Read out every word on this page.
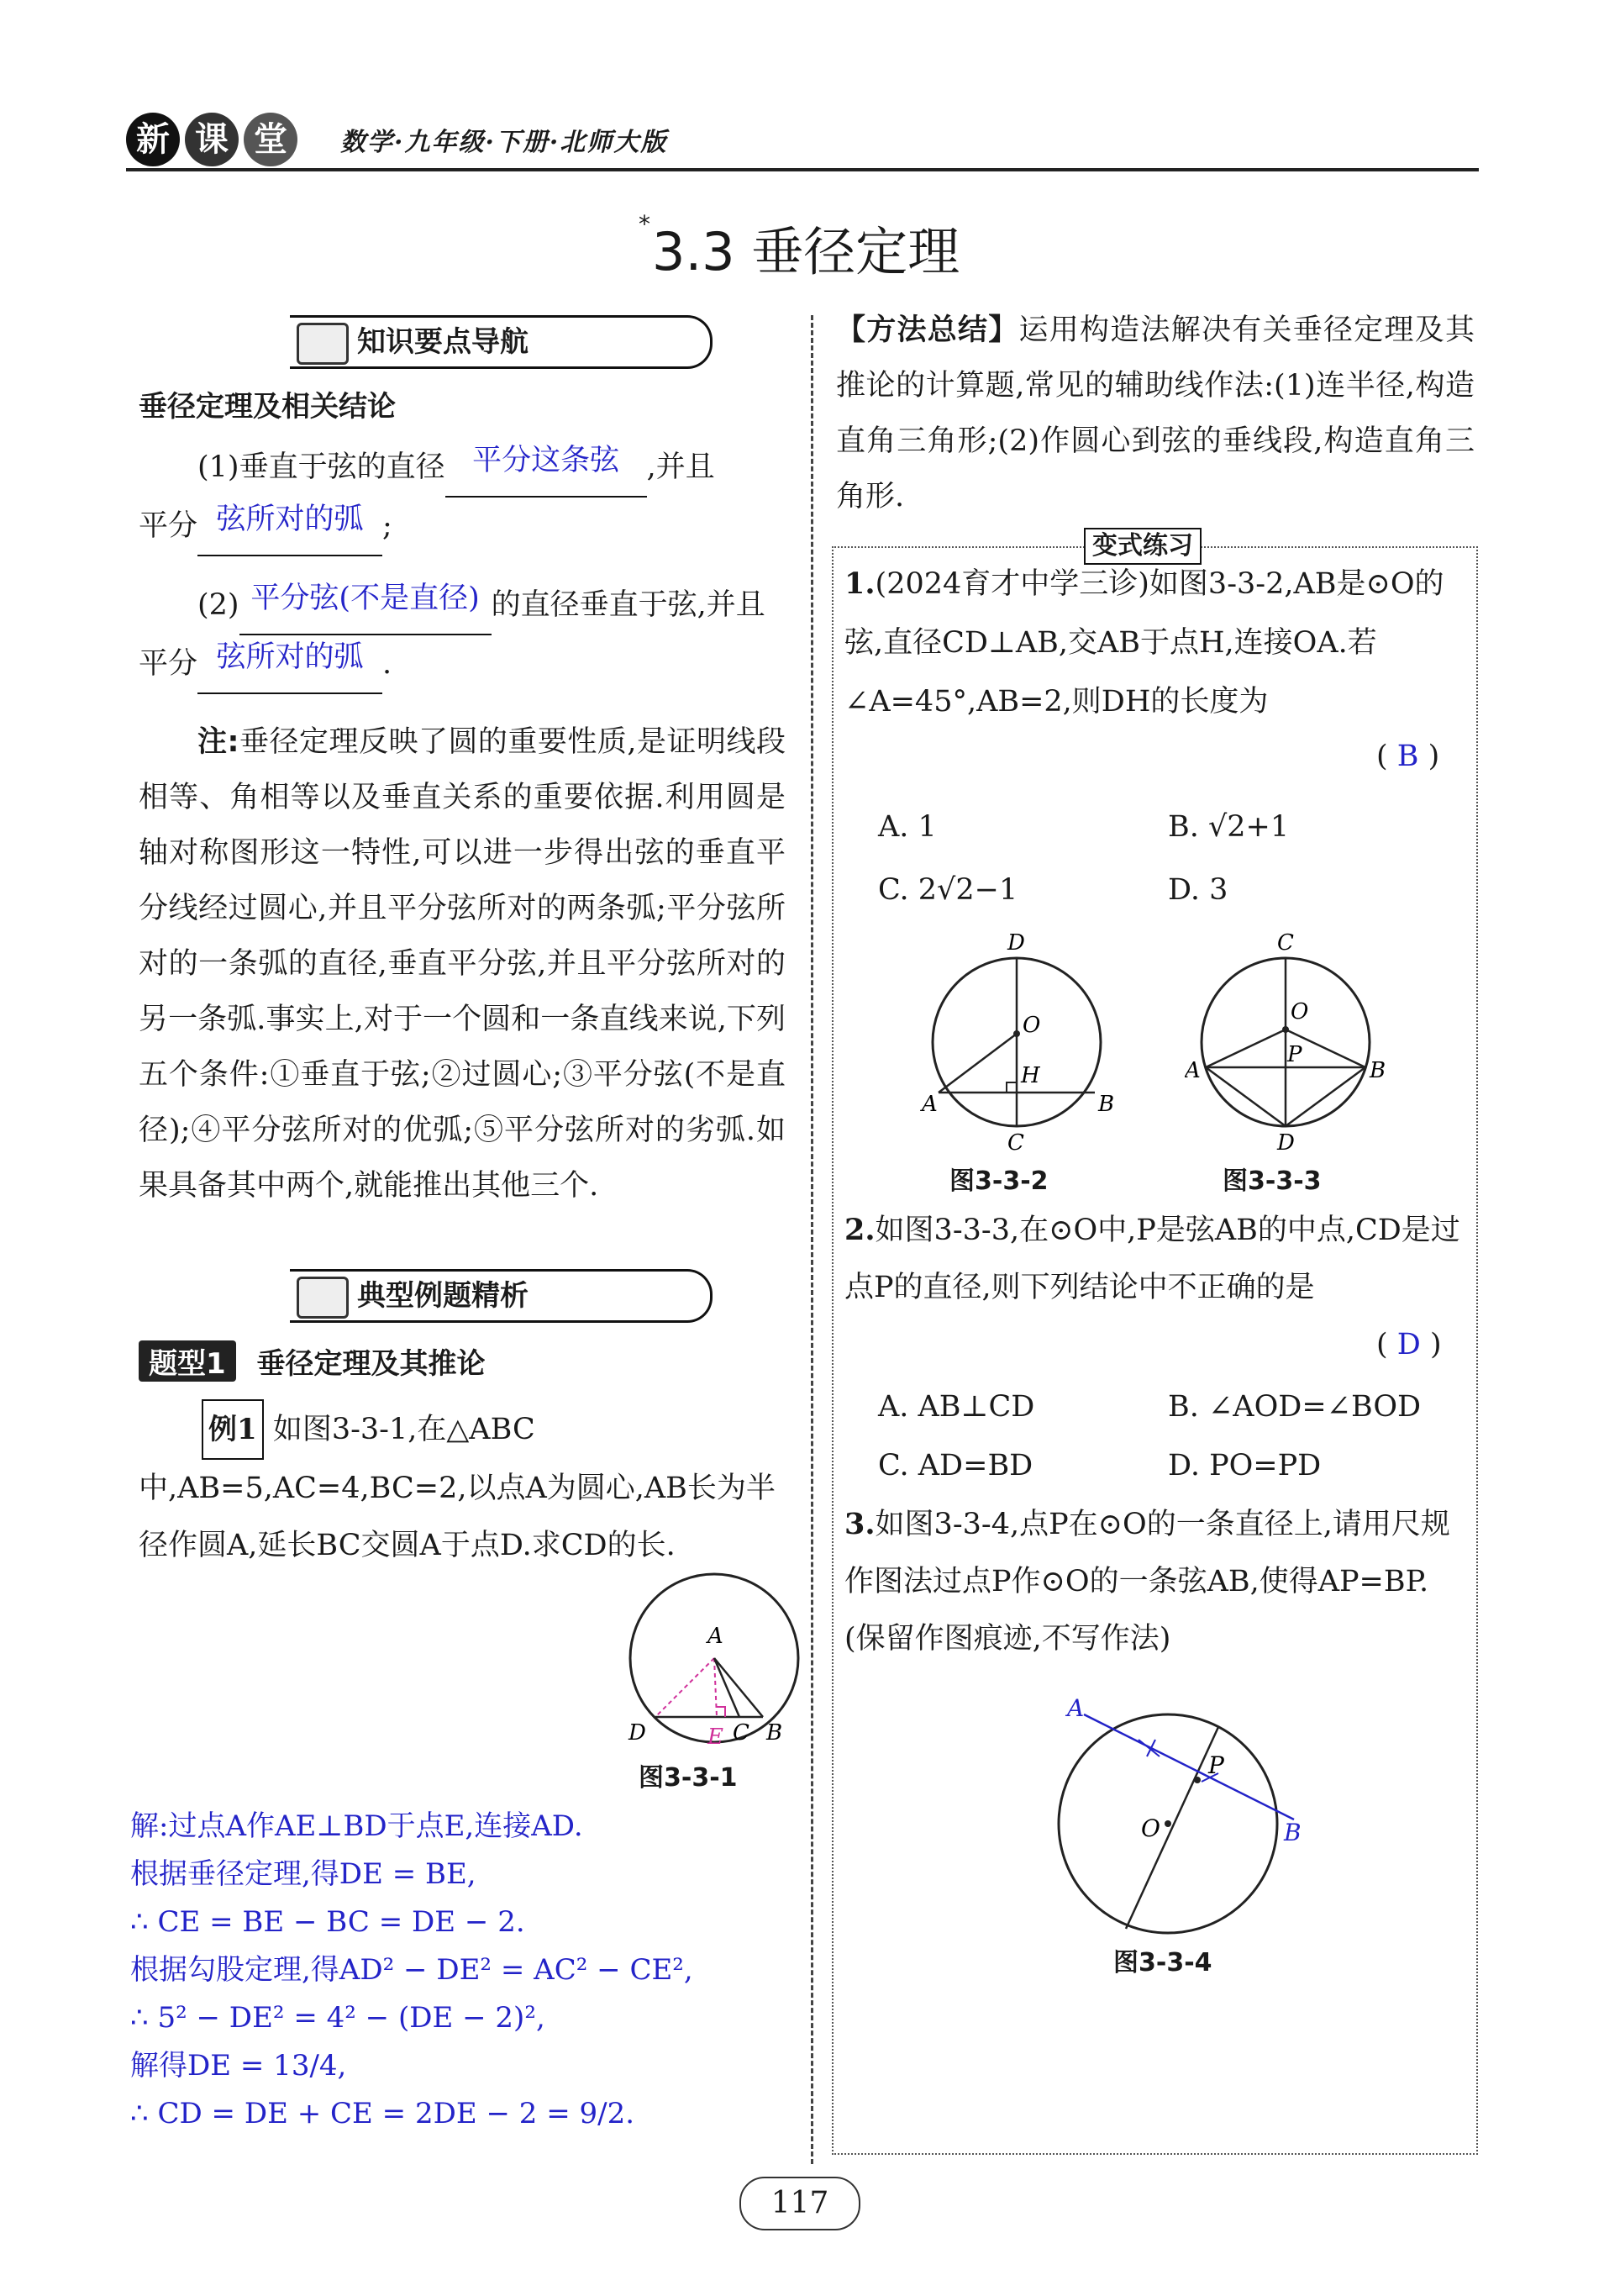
新 课 堂	数学·九年级·下册·北师大版
*3.3 垂径定理
知识要点导航
垂径定理及相关结论
(1)垂直于弦的直径 平分这条弦 ,并且
平分 弦所对的弧 ;
(2) 平分弦(不是直径) 的直径垂直于弦,并且
平分 弦所对的弧 .
注:垂径定理反映了圆的重要性质,是证明线段相等、角相等以及垂直关系的重要依据.利用圆是轴对称图形这一特性,可以进一步得出弦的垂直平分线经过圆心,并且平分弦所对的两条弧;平分弦所对的一条弧的直径,垂直平分弦,并且平分弦所对的另一条弧.事实上,对于一个圆和一条直线来说,下列五个条件:①垂直于弦;②过圆心;③平分弦(不是直径);④平分弦所对的优弧;⑤平分弦所对的劣弧.如果具备其中两个,就能推出其他三个.
典型例题精析
题型1 垂径定理及其推论
例1 如图3-3-1,在△ABC中,AB=5,AC=4,BC=2,以点A为圆心,AB长为半径作圆A,延长BC交圆A于点D.求CD的长.
A
D	E C B
图3-3-1
解:过点A作AE⊥BD于点E,连接AD.
根据垂径定理,得DE = BE,
∴ CE = BE − BC = DE − 2.
根据勾股定理,得AD² − DE² = AC² − CE²,
∴ 5² − DE² = 4² − (DE − 2)²,
解得DE = 13/4,
∴ CD = DE + CE = 2DE − 2 = 9/2.
【方法总结】运用构造法解决有关垂径定理及其推论的计算题,常见的辅助线作法:(1)连半径,构造直角三角形;(2)作圆心到弦的垂线段,构造直角三角形.
变式练习
1.(2024育才中学三诊)如图3-3-2,AB是⊙O的弦,直径CD⊥AB,交AB于点H,连接OA.若∠A=45°,AB=2,则DH的长度为
( B )
A. 1	B. √2+1
C. 2√2−1	D. 3
D
O
H
A	B
C
图3-3-2
C
O
P
A	B
D
图3-3-3
2.如图3-3-3,在⊙O中,P是弦AB的中点,CD是过点P的直径,则下列结论中不正确的是
( D )
A. AB⊥CD	B. ∠AOD=∠BOD
C. AD=BD	D. PO=PD
3.如图3-3-4,点P在⊙O的一条直径上,请用尺规作图法过点P作⊙O的一条弦AB,使得AP=BP.(保留作图痕迹,不写作法)
A
P
O	B
图3-3-4
117
